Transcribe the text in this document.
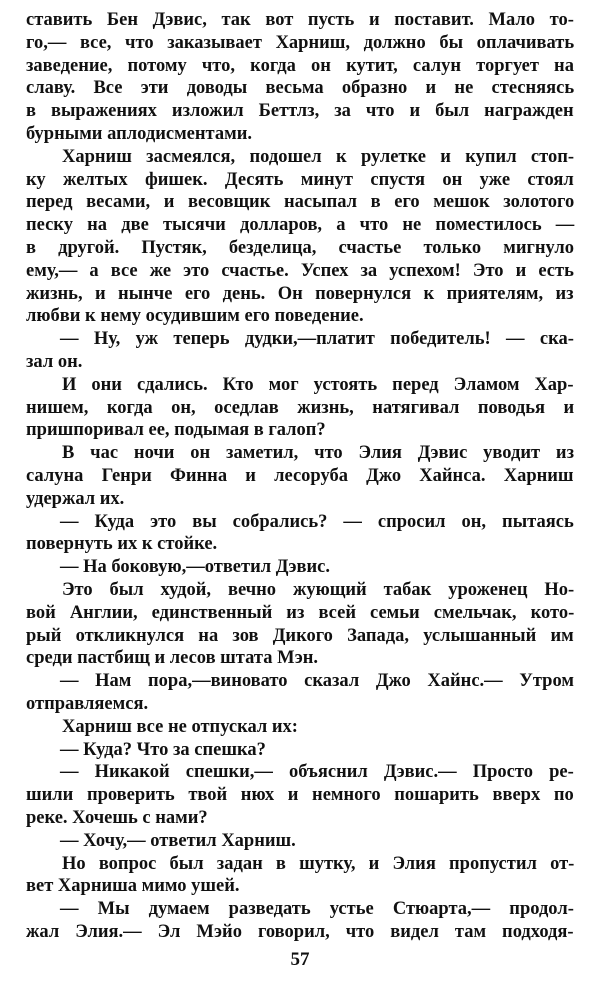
ставить Бен Дэвис, так вот пусть и поставит. Мало то-
го,— все, что заказывает Харниш, должно бы оплачивать
заведение, потому что, когда он кутит, салун торгует на
славу. Все эти доводы весьма образно и не стесняясь
в выражениях изложил Беттлз, за что и был награжден
бурными аплодисментами.
Харниш засмеялся, подошел к рулетке и купил стоп-
ку желтых фишек. Десять минут спустя он уже стоял
перед весами, и весовщик насыпал в его мешок золотого
песку на две тысячи долларов, а что не поместилось —
в другой. Пустяк, безделица, счастье только мигнуло
ему,— а все же это счастье. Успех за успехом! Это и есть
жизнь, и нынче его день. Он повернулся к приятелям, из
любви к нему осудившим его поведение.
— Ну, уж теперь дудки,—платит победитель! — ска-
зал он.
И они сдались. Кто мог устоять перед Эламом Хар-
нишем, когда он, оседлав жизнь, натягивал поводья и
пришпоривал ее, подымая в галоп?
В час ночи он заметил, что Элия Дэвис уводит из
салуна Генри Финна и лесоруба Джо Хайнса. Харниш
удержал их.
— Куда это вы собрались? — спросил он, пытаясь
повернуть их к стойке.
— На боковую,—ответил Дэвис.
Это был худой, вечно жующий табак уроженец Но-
вой Англии, единственный из всей семьи смельчак, кото-
рый откликнулся на зов Дикого Запада, услышанный им
среди пастбищ и лесов штата Мэн.
— Нам пора,—виновато сказал Джо Хайнс.— Утром
отправляемся.
Харниш все не отпускал их:
— Куда? Что за спешка?
— Никакой спешки,— объяснил Дэвис.— Просто ре-
шили проверить твой нюх и немного пошарить вверх по
реке. Хочешь с нами?
— Хочу,— ответил Харниш.
Но вопрос был задан в шутку, и Элия пропустил от-
вет Харниша мимо ушей.
— Мы думаем разведать устье Стюарта,— продол-
жал Элия.— Эл Мэйо говорил, что видел там подходя-
57
